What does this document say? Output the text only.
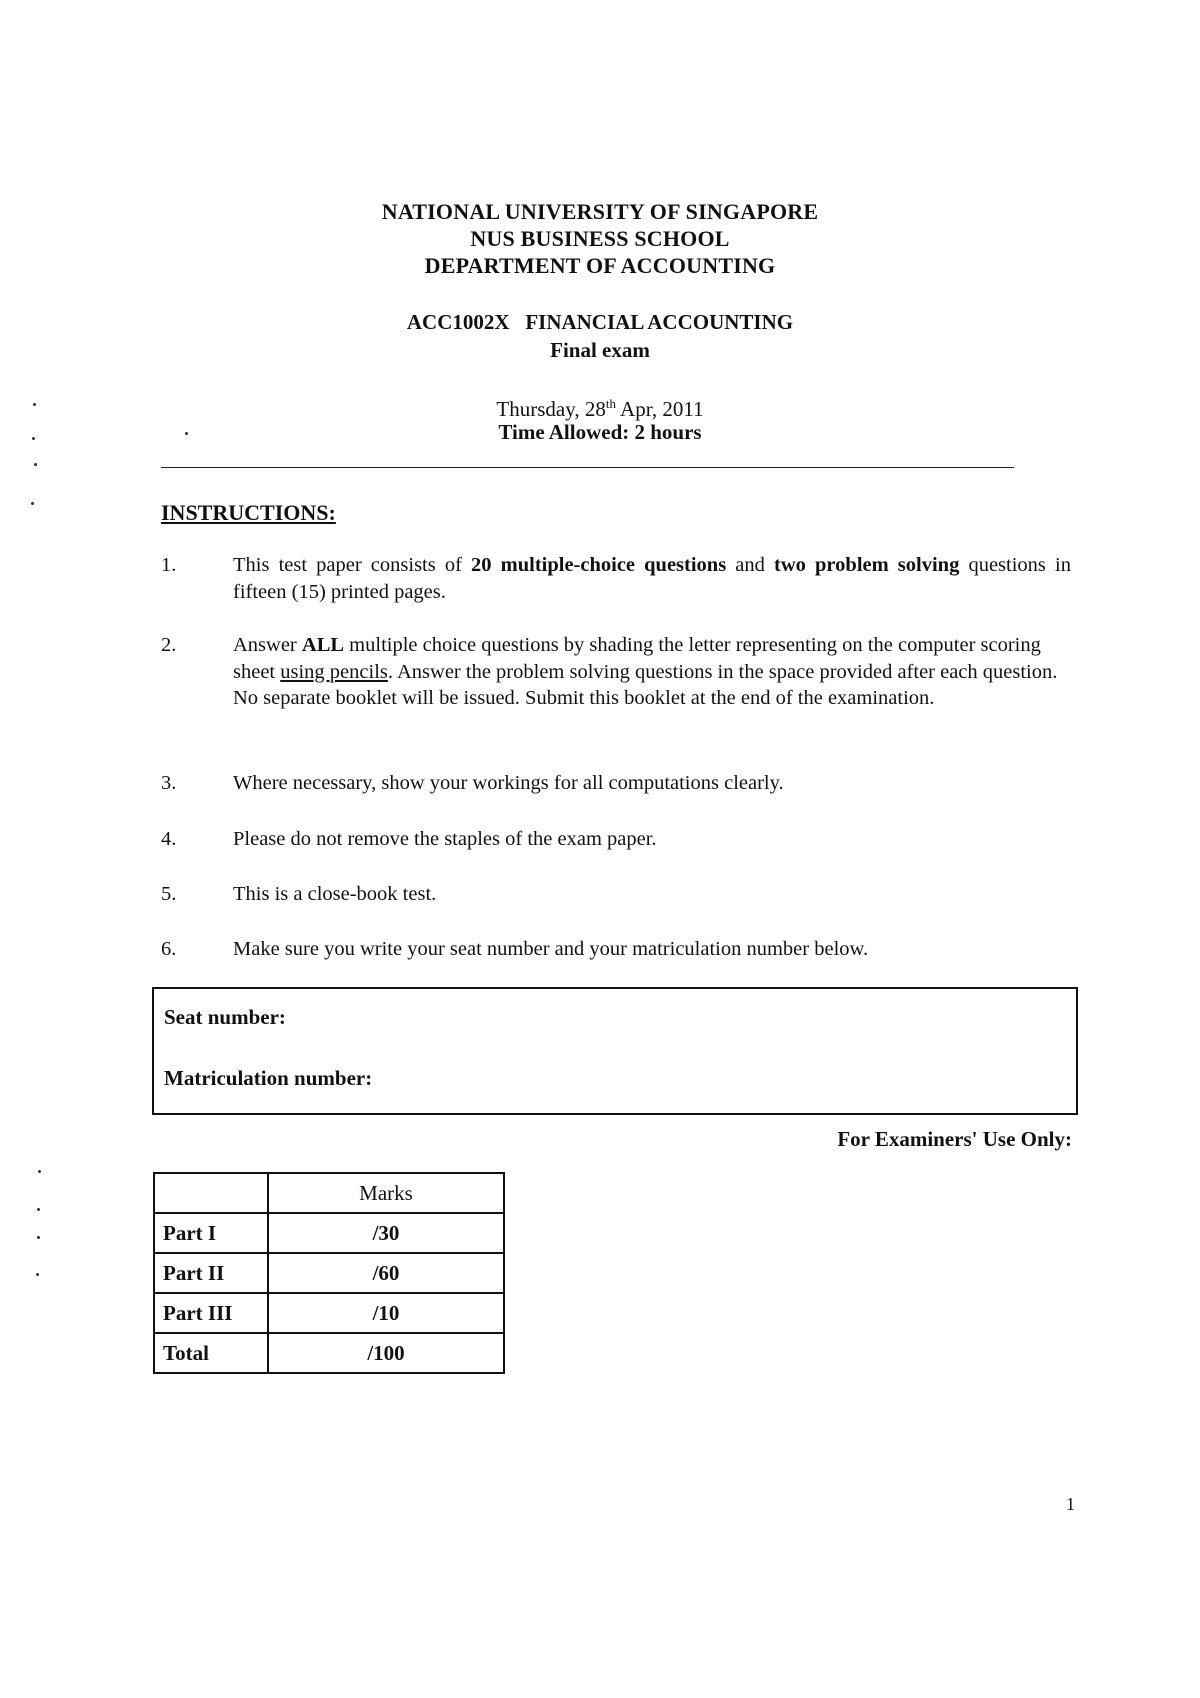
NATIONAL UNIVERSITY OF SINGAPORE
NUS BUSINESS SCHOOL
DEPARTMENT OF ACCOUNTING
ACC1002X FINANCIAL ACCOUNTING
Final exam
Thursday, 28th Apr, 2011
Time Allowed: 2 hours
INSTRUCTIONS:
1.	This test paper consists of 20 multiple-choice questions and two problem solving questions in fifteen (15) printed pages.
2.	Answer ALL multiple choice questions by shading the letter representing on the computer scoring sheet using pencils. Answer the problem solving questions in the space provided after each question. No separate booklet will be issued. Submit this booklet at the end of the examination.
3.	Where necessary, show your workings for all computations clearly.
4.	Please do not remove the staples of the exam paper.
5.	This is a close-book test.
6.	Make sure you write your seat number and your matriculation number below.
Seat number:
Matriculation number:
For Examiners' Use Only:
	Marks
Part I	/30
Part II	/60
Part III	/10
Total	/100
1
